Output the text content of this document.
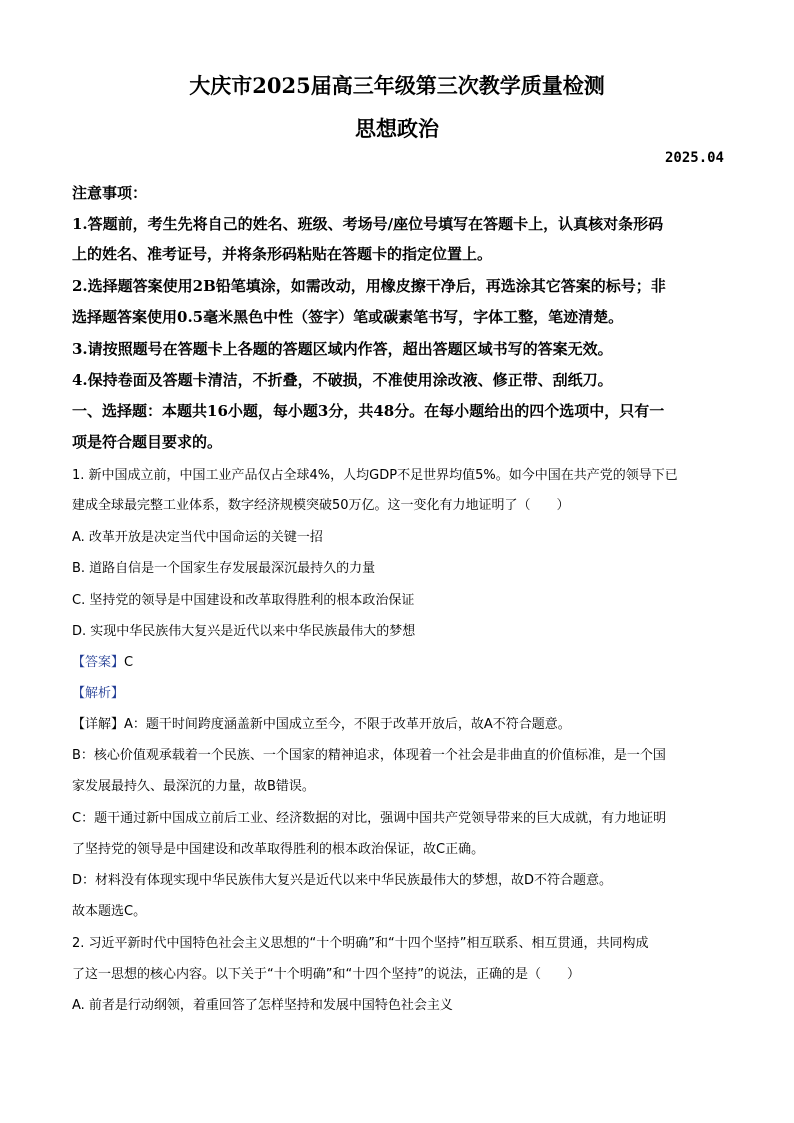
大庆市2025届高三年级第三次教学质量检测
思想政治
2025.04
注意事项：
1.答题前，考生先将自己的姓名、班级、考场号∕座位号填写在答题卡上，认真核对条形码
上的姓名、准考证号，并将条形码粘贴在答题卡的指定位置上。
2.选择题答案使用2B铅笔填涂，如需改动，用橡皮擦干净后，再选涂其它答案的标号；非
选择题答案使用0.5毫米黑色中性（签字）笔或碳素笔书写，字体工整，笔迹清楚。
3.请按照题号在答题卡上各题的答题区域内作答，超出答题区域书写的答案无效。
4.保持卷面及答题卡清洁，不折叠，不破损，不准使用涂改液、修正带、刮纸刀。
一、选择题：本题共16小题，每小题3分，共48分。在每小题给出的四个选项中，只有一
项是符合题目要求的。
1. 新中国成立前，中国工业产品仅占全球4%，人均GDP不足世界均值5%。如今中国在共产党的领导下已
建成全球最完整工业体系，数字经济规模突破50万亿。这一变化有力地证明了（　　）
A. 改革开放是决定当代中国命运的关键一招
B. 道路自信是一个国家生存发展最深沉最持久的力量
C. 坚持党的领导是中国建设和改革取得胜利的根本政治保证
D. 实现中华民族伟大复兴是近代以来中华民族最伟大的梦想
【答案】C
【解析】
【详解】A：题干时间跨度涵盖新中国成立至今，不限于改革开放后，故A不符合题意。
B：核心价值观承载着一个民族、一个国家的精神追求，体现着一个社会是非曲直的价值标准，是一个国
家发展最持久、最深沉的力量，故B错误。
C：题干通过新中国成立前后工业、经济数据的对比，强调中国共产党领导带来的巨大成就，有力地证明
了坚持党的领导是中国建设和改革取得胜利的根本政治保证，故C正确。
D：材料没有体现实现中华民族伟大复兴是近代以来中华民族最伟大的梦想，故D不符合题意。
故本题选C。
2. 习近平新时代中国特色社会主义思想的“十个明确”和“十四个坚持”相互联系、相互贯通，共同构成
了这一思想的核心内容。以下关于“十个明确”和“十四个坚持”的说法，正确的是（　　）
A. 前者是行动纲领，着重回答了怎样坚持和发展中国特色社会主义
